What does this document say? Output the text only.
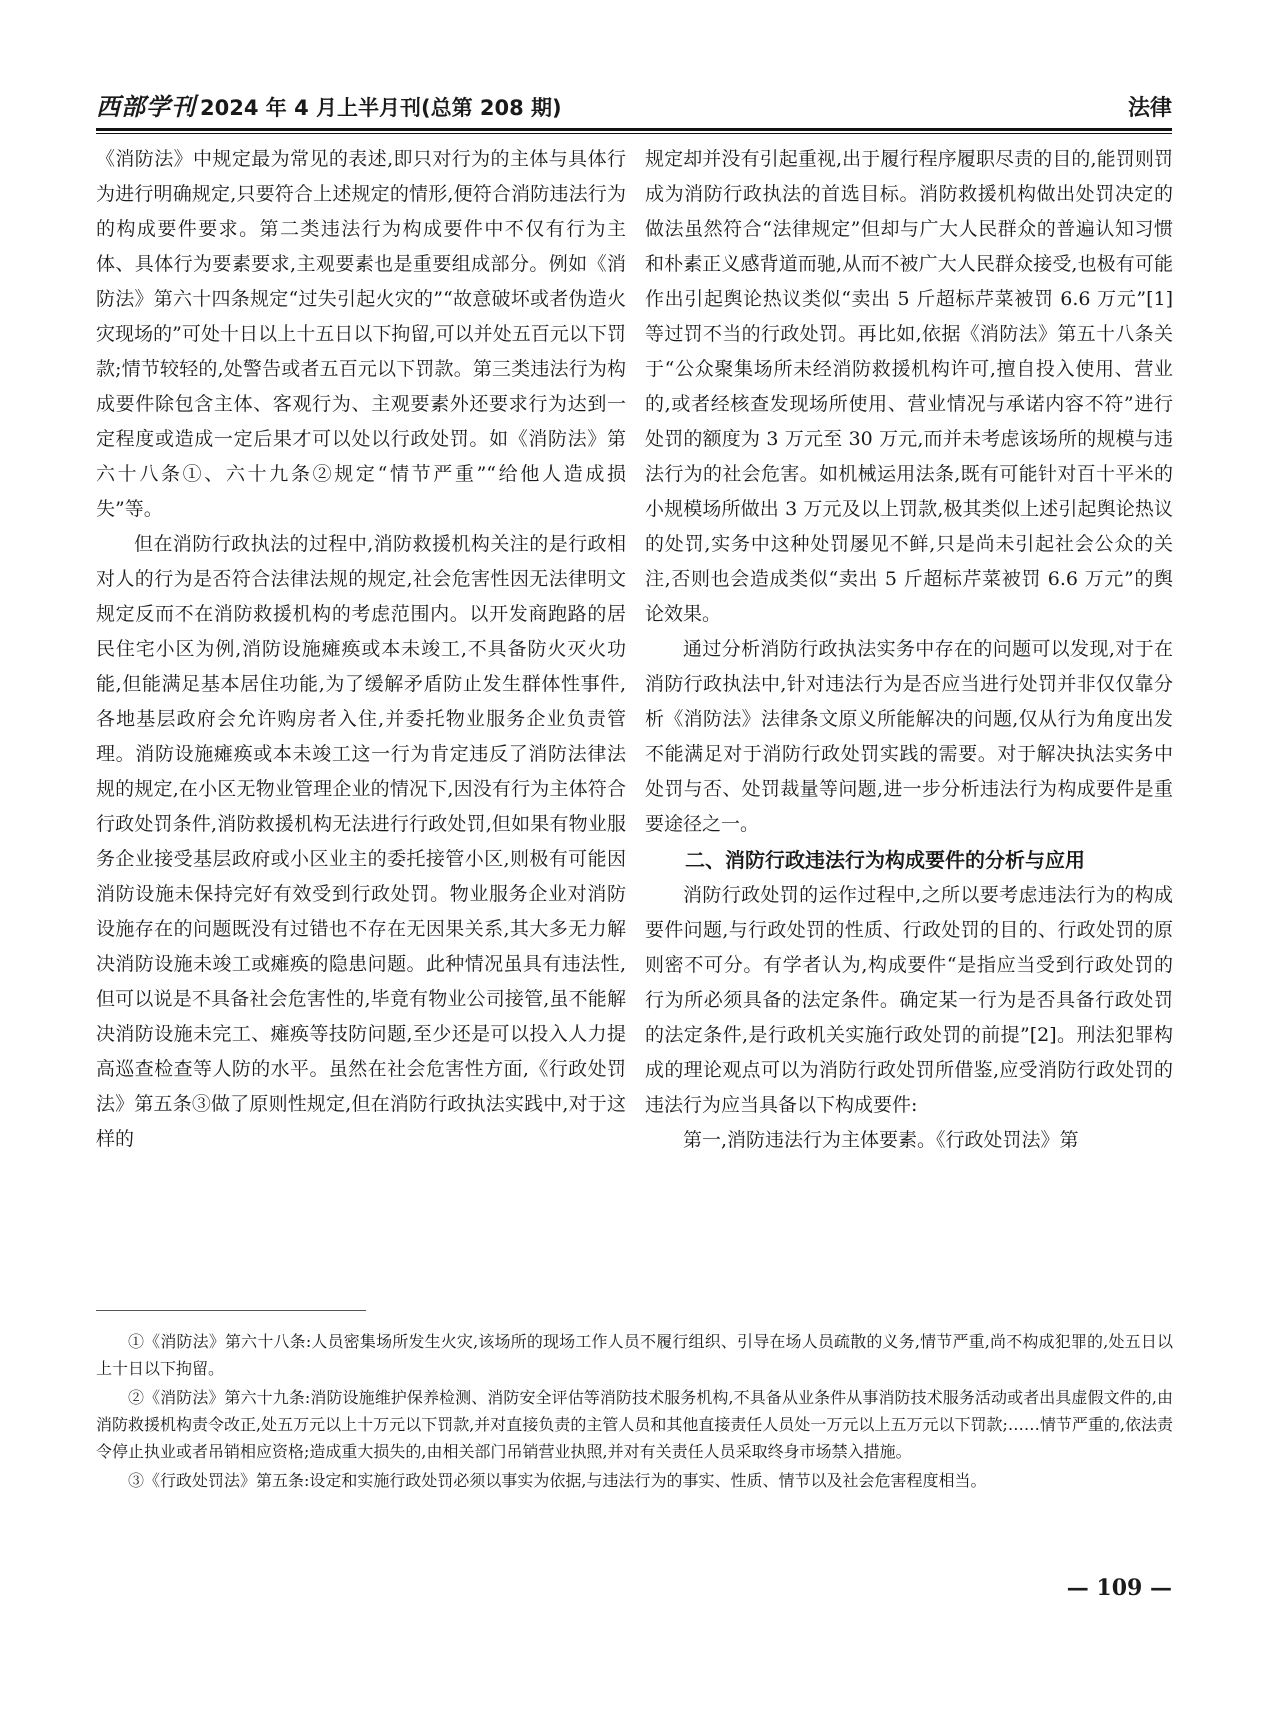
西部学刊 2024 年 4 月上半月刊(总第 208 期)	法律

《消防法》中规定最为常见的表述,即只对行为的主体与具体行为进行明确规定,只要符合上述规定的情形,便符合消防违法行为的构成要件要求。第二类违法行为构成要件中不仅有行为主体、具体行为要素要求,主观要素也是重要组成部分。例如《消防法》第六十四条规定“过失引起火灾的”“故意破坏或者伪造火灾现场的”可处十日以上十五日以下拘留,可以并处五百元以下罚款;情节较轻的,处警告或者五百元以下罚款。第三类违法行为构成要件除包含主体、客观行为、主观要素外还要求行为达到一定程度或造成一定后果才可以处以行政处罚。如《消防法》第六十八条①、六十九条②规定“情节严重”“给他人造成损失”等。

但在消防行政执法的过程中,消防救援机构关注的是行政相对人的行为是否符合法律法规的规定,社会危害性因无法律明文规定反而不在消防救援机构的考虑范围内。以开发商跑路的居民住宅小区为例,消防设施瘫痪或本未竣工,不具备防火灭火功能,但能满足基本居住功能,为了缓解矛盾防止发生群体性事件,各地基层政府会允许购房者入住,并委托物业服务企业负责管理。消防设施瘫痪或本未竣工这一行为肯定违反了消防法律法规的规定,在小区无物业管理企业的情况下,因没有行为主体符合行政处罚条件,消防救援机构无法进行行政处罚,但如果有物业服务企业接受基层政府或小区业主的委托接管小区,则极有可能因消防设施未保持完好有效受到行政处罚。物业服务企业对消防设施存在的问题既没有过错也不存在无因果关系,其大多无力解决消防设施未竣工或瘫痪的隐患问题。此种情况虽具有违法性,但可以说是不具备社会危害性的,毕竟有物业公司接管,虽不能解决消防设施未完工、瘫痪等技防问题,至少还是可以投入人力提高巡查检查等人防的水平。虽然在社会危害性方面,《行政处罚法》第五条③做了原则性规定,但在消防行政执法实践中,对于这样的

规定却并没有引起重视,出于履行程序履职尽责的目的,能罚则罚成为消防行政执法的首选目标。消防救援机构做出处罚决定的做法虽然符合“法律规定”但却与广大人民群众的普遍认知习惯和朴素正义感背道而驰,从而不被广大人民群众接受,也极有可能作出引起舆论热议类似“卖出 5 斤超标芹菜被罚 6.6 万元”[1]等过罚不当的行政处罚。再比如,依据《消防法》第五十八条关于“公众聚集场所未经消防救援机构许可,擅自投入使用、营业的,或者经核查发现场所使用、营业情况与承诺内容不符”进行处罚的额度为 3 万元至 30 万元,而并未考虑该场所的规模与违法行为的社会危害。如机械运用法条,既有可能针对百十平米的小规模场所做出 3 万元及以上罚款,极其类似上述引起舆论热议的处罚,实务中这种处罚屡见不鲜,只是尚未引起社会公众的关注,否则也会造成类似“卖出 5 斤超标芹菜被罚 6.6 万元”的舆论效果。

通过分析消防行政执法实务中存在的问题可以发现,对于在消防行政执法中,针对违法行为是否应当进行处罚并非仅仅靠分析《消防法》法律条文原义所能解决的问题,仅从行为角度出发不能满足对于消防行政处罚实践的需要。对于解决执法实务中处罚与否、处罚裁量等问题,进一步分析违法行为构成要件是重要途径之一。

二、消防行政违法行为构成要件的分析与应用

消防行政处罚的运作过程中,之所以要考虑违法行为的构成要件问题,与行政处罚的性质、行政处罚的目的、行政处罚的原则密不可分。有学者认为,构成要件“是指应当受到行政处罚的行为所必须具备的法定条件。确定某一行为是否具备行政处罚的法定条件,是行政机关实施行政处罚的前提”[2]。刑法犯罪构成的理论观点可以为消防行政处罚所借鉴,应受消防行政处罚的违法行为应当具备以下构成要件:

第一,消防违法行为主体要素。《行政处罚法》第

①《消防法》第六十八条:人员密集场所发生火灾,该场所的现场工作人员不履行组织、引导在场人员疏散的义务,情节严重,尚不构成犯罪的,处五日以上十日以下拘留。

②《消防法》第六十九条:消防设施维护保养检测、消防安全评估等消防技术服务机构,不具备从业条件从事消防技术服务活动或者出具虚假文件的,由消防救援机构责令改正,处五万元以上十万元以下罚款,并对直接负责的主管人员和其他直接责任人员处一万元以上五万元以下罚款;……情节严重的,依法责令停止执业或者吊销相应资格;造成重大损失的,由相关部门吊销营业执照,并对有关责任人员采取终身市场禁入措施。

③《行政处罚法》第五条:设定和实施行政处罚必须以事实为依据,与违法行为的事实、性质、情节以及社会危害程度相当。

— 109 —
